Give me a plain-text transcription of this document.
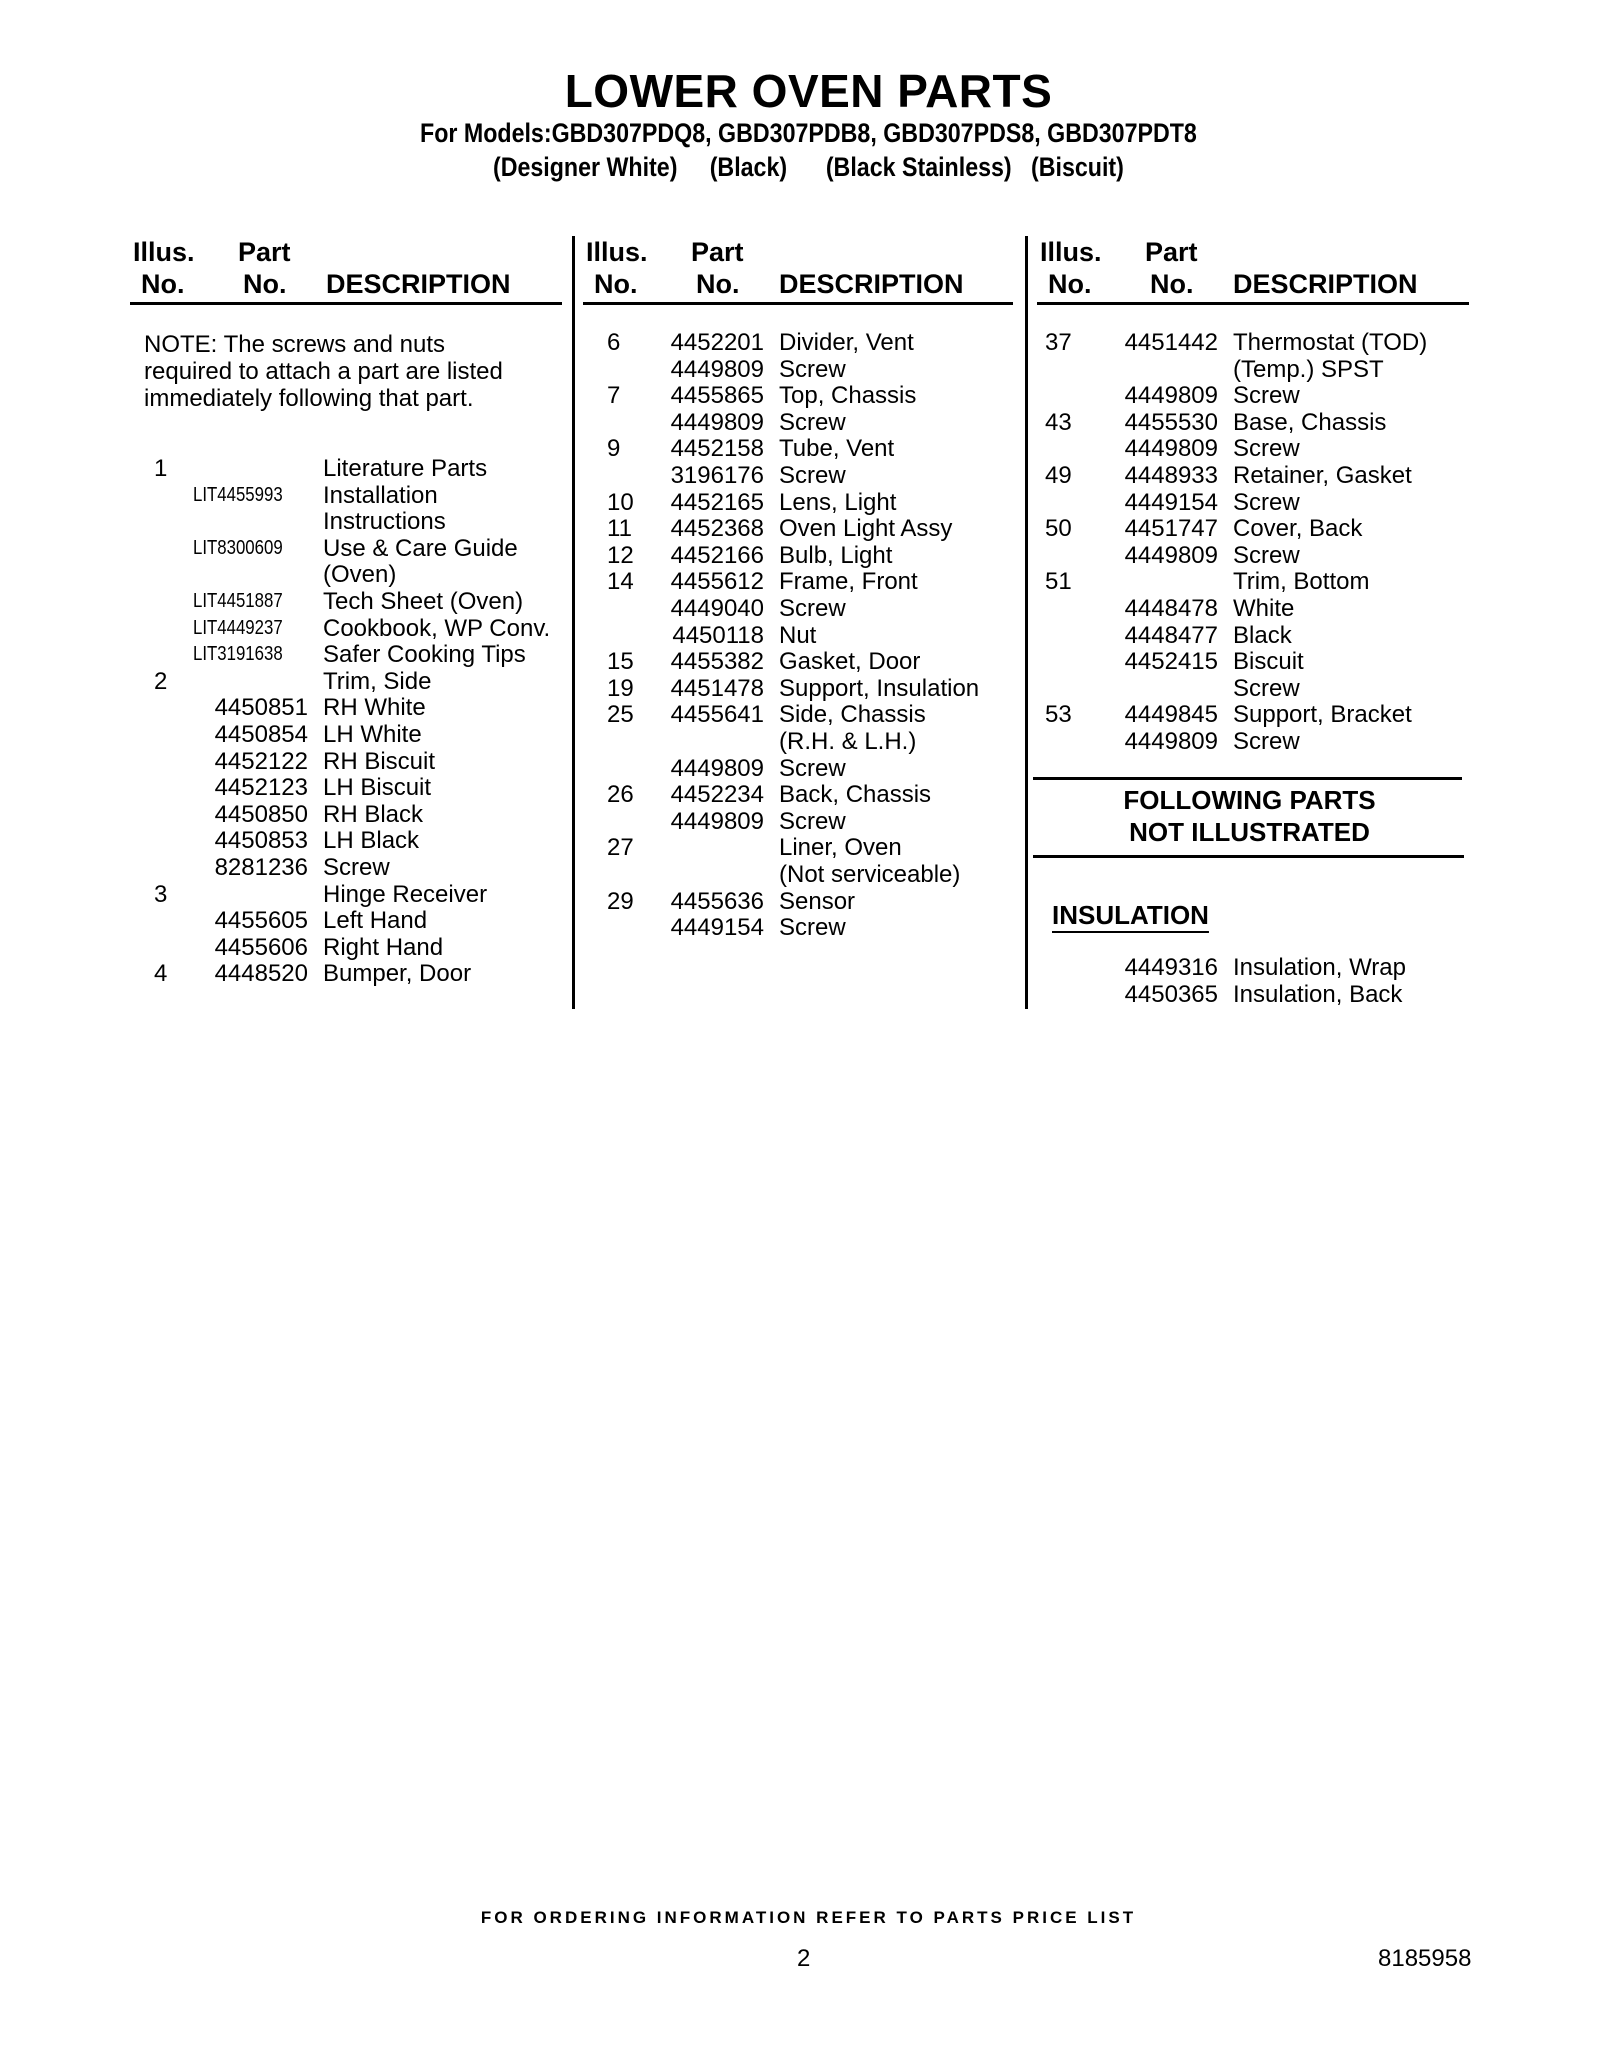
LOWER OVEN PARTS
For Models:GBD307PDQ8, GBD307PDB8, GBD307PDS8, GBD307PDT8
(Designer White)     (Black)      (Black Stainless)   (Biscuit)
Illus. Part
No. No. DESCRIPTION
NOTE: The screws and nuts required to attach a part are listed immediately following that part.
1	Literature Parts
LIT4455993 Installation
Instructions
LIT8300609 Use & Care Guide
(Oven)
LIT4451887 Tech Sheet (Oven)
LIT4449237 Cookbook, WP Conv.
LIT3191638 Safer Cooking Tips
2	Trim, Side
4450851 RH White
4450854 LH White
4452122 RH Biscuit
4452123 LH Biscuit
4450850 RH Black
4450853 LH Black
8281236 Screw
3	Hinge Receiver
4455605 Left Hand
4455606 Right Hand
4 4448520 Bumper, Door
Illus. Part
No. No. DESCRIPTION
6 4452201 Divider, Vent
4449809 Screw
7 4455865 Top, Chassis
4449809 Screw
9 4452158 Tube, Vent
3196176 Screw
10 4452165 Lens, Light
11 4452368 Oven Light Assy
12 4452166 Bulb, Light
14 4455612 Frame, Front
4449040 Screw
4450118 Nut
15 4455382 Gasket, Door
19 4451478 Support, Insulation
25 4455641 Side, Chassis
(R.H. & L.H.)
4449809 Screw
26 4452234 Back, Chassis
4449809 Screw
27	Liner, Oven
(Not serviceable)
29 4455636 Sensor
4449154 Screw
Illus. Part
No. No. DESCRIPTION
37 4451442 Thermostat (TOD)
(Temp.) SPST
4449809 Screw
43 4455530 Base, Chassis
4449809 Screw
49 4448933 Retainer, Gasket
4449154 Screw
50 4451747 Cover, Back
4449809 Screw
51	Trim, Bottom
4448478 White
4448477 Black
4452415 Biscuit
Screw
53 4449845 Support, Bracket
4449809 Screw
FOLLOWING PARTS
NOT ILLUSTRATED
INSULATION
4449316 Insulation, Wrap
4450365 Insulation, Back
FOR ORDERING INFORMATION REFER TO PARTS PRICE LIST
2	8185958
